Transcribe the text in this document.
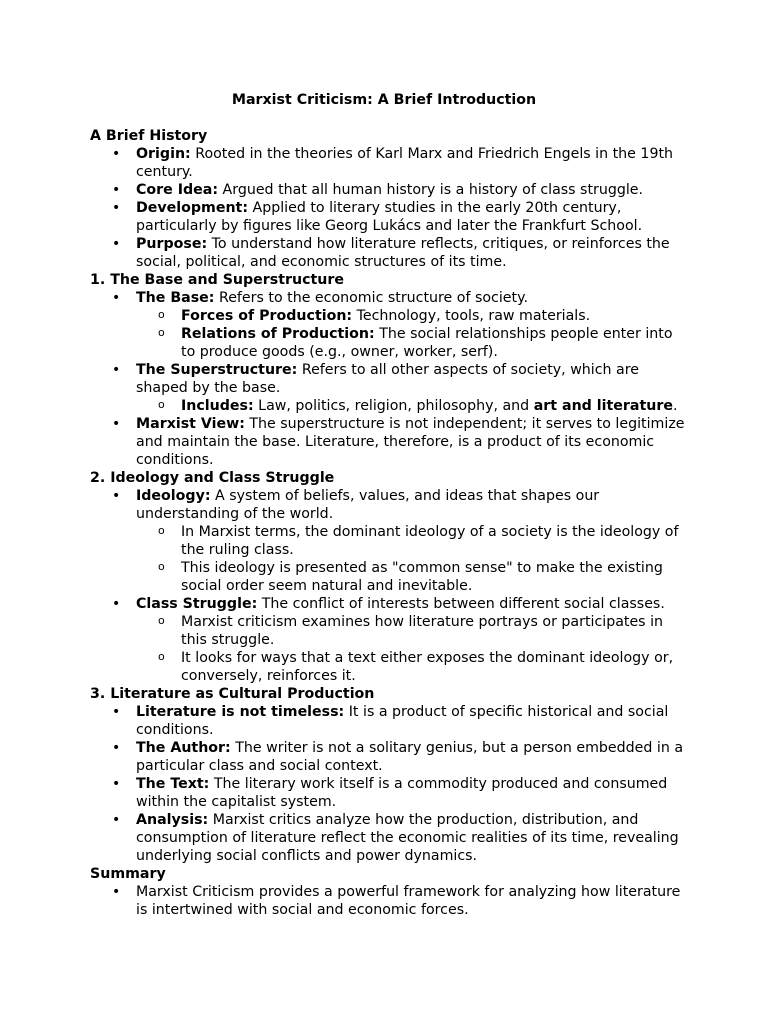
Marxist Criticism: A Brief Introduction
A Brief History
• Origin: Rooted in the theories of Karl Marx and Friedrich Engels in the 19th century.
• Core Idea: Argued that all human history is a history of class struggle.
• Development: Applied to literary studies in the early 20th century, particularly by figures like Georg Lukács and later the Frankfurt School.
• Purpose: To understand how literature reflects, critiques, or reinforces the social, political, and economic structures of its time.
1. The Base and Superstructure
• The Base: Refers to the economic structure of society.
o Forces of Production: Technology, tools, raw materials.
o Relations of Production: The social relationships people enter into to produce goods (e.g., owner, worker, serf).
• The Superstructure: Refers to all other aspects of society, which are shaped by the base.
o Includes: Law, politics, religion, philosophy, and art and literature.
• Marxist View: The superstructure is not independent; it serves to legitimize and maintain the base. Literature, therefore, is a product of its economic conditions.
2. Ideology and Class Struggle
• Ideology: A system of beliefs, values, and ideas that shapes our understanding of the world.
o In Marxist terms, the dominant ideology of a society is the ideology of the ruling class.
o This ideology is presented as "common sense" to make the existing social order seem natural and inevitable.
• Class Struggle: The conflict of interests between different social classes.
o Marxist criticism examines how literature portrays or participates in this struggle.
o It looks for ways that a text either exposes the dominant ideology or, conversely, reinforces it.
3. Literature as Cultural Production
• Literature is not timeless: It is a product of specific historical and social conditions.
• The Author: The writer is not a solitary genius, but a person embedded in a particular class and social context.
• The Text: The literary work itself is a commodity produced and consumed within the capitalist system.
• Analysis: Marxist critics analyze how the production, distribution, and consumption of literature reflect the economic realities of its time, revealing underlying social conflicts and power dynamics.
Summary
• Marxist Criticism provides a powerful framework for analyzing how literature is intertwined with social and economic forces.
